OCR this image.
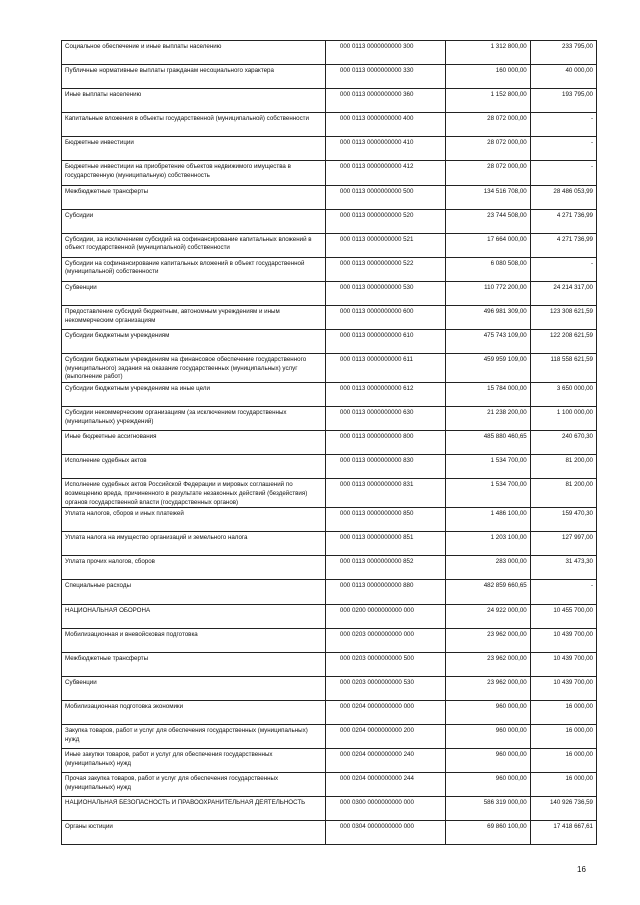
Социальное обеспечение и иные выплаты населению	000 0113 0000000000 300	1 312 800,00	233 795,00
Публичные нормативные выплаты гражданам несоциального характера	000 0113 0000000000 330	160 000,00	40 000,00
Иные выплаты населению	000 0113 0000000000 360	1 152 800,00	193 795,00
Капитальные вложения в объекты государственной (муниципальной) собственности	000 0113 0000000000 400	28 072 000,00	-
Бюджетные инвестиции	000 0113 0000000000 410	28 072 000,00	-
Бюджетные инвестиции на приобретение объектов недвижимого имущества в государственную (муниципальную) собственность	000 0113 0000000000 412	28 072 000,00	-
Межбюджетные трансферты	000 0113 0000000000 500	134 516 708,00	28 486 053,99
Субсидии	000 0113 0000000000 520	23 744 508,00	4 271 736,99
Субсидии, за исключением субсидий на софинансирование капитальных вложений в объект государственной (муниципальной) собственности	000 0113 0000000000 521	17 664 000,00	4 271 736,99
Субсидии на софинансирование капитальных вложений в объект государственной (муниципальной) собственности	000 0113 0000000000 522	6 080 508,00	-
Субвенции	000 0113 0000000000 530	110 772 200,00	24 214 317,00
Предоставление субсидий бюджетным, автономным учреждениям и иным некоммерческим организациям	000 0113 0000000000 600	496 981 309,00	123 308 621,59
Субсидии бюджетным учреждениям	000 0113 0000000000 610	475 743 109,00	122 208 621,59
Субсидии бюджетным учреждениям на финансовое обеспечение государственного (муниципального) задания на оказание государственных (муниципальных) услуг (выполнение работ)	000 0113 0000000000 611	459 959 109,00	118 558 621,59
Субсидии бюджетным учреждениям на иные цели	000 0113 0000000000 612	15 784 000,00	3 650 000,00
Субсидии некоммерческим организациям (за исключением государственных (муниципальных) учреждений)	000 0113 0000000000 630	21 238 200,00	1 100 000,00
Иные бюджетные ассигнования	000 0113 0000000000 800	485 880 460,65	240 670,30
Исполнение судебных актов	000 0113 0000000000 830	1 534 700,00	81 200,00
Исполнение судебных актов Российской Федерации и мировых соглашений по возмещению вреда, причиненного в результате незаконных действий (бездействия) органов государственной власти (государственных органов)	000 0113 0000000000 831	1 534 700,00	81 200,00
Уплата налогов, сборов и иных платежей	000 0113 0000000000 850	1 486 100,00	159 470,30
Уплата налога на имущество организаций и земельного налога	000 0113 0000000000 851	1 203 100,00	127 997,00
Уплата прочих налогов, сборов	000 0113 0000000000 852	283 000,00	31 473,30
Специальные расходы	000 0113 0000000000 880	482 859 660,65	-
НАЦИОНАЛЬНАЯ ОБОРОНА	000 0200 0000000000 000	24 922 000,00	10 455 700,00
Мобилизационная и вневойсковая подготовка	000 0203 0000000000 000	23 962 000,00	10 439 700,00
Межбюджетные трансферты	000 0203 0000000000 500	23 962 000,00	10 439 700,00
Субвенции	000 0203 0000000000 530	23 962 000,00	10 439 700,00
Мобилизационная подготовка экономики	000 0204 0000000000 000	960 000,00	16 000,00
Закупка товаров, работ и услуг для обеспечения государственных (муниципальных) нужд	000 0204 0000000000 200	960 000,00	16 000,00
Иные закупки товаров, работ и услуг для обеспечения государственных (муниципальных) нужд	000 0204 0000000000 240	960 000,00	16 000,00
Прочая закупка товаров, работ и услуг для обеспечения государственных (муниципальных) нужд	000 0204 0000000000 244	960 000,00	16 000,00
НАЦИОНАЛЬНАЯ БЕЗОПАСНОСТЬ И ПРАВООХРАНИТЕЛЬНАЯ ДЕЯТЕЛЬНОСТЬ	000 0300 0000000000 000	586 319 000,00	140 926 736,59
Органы юстиции	000 0304 0000000000 000	69 860 100,00	17 418 667,61
16
